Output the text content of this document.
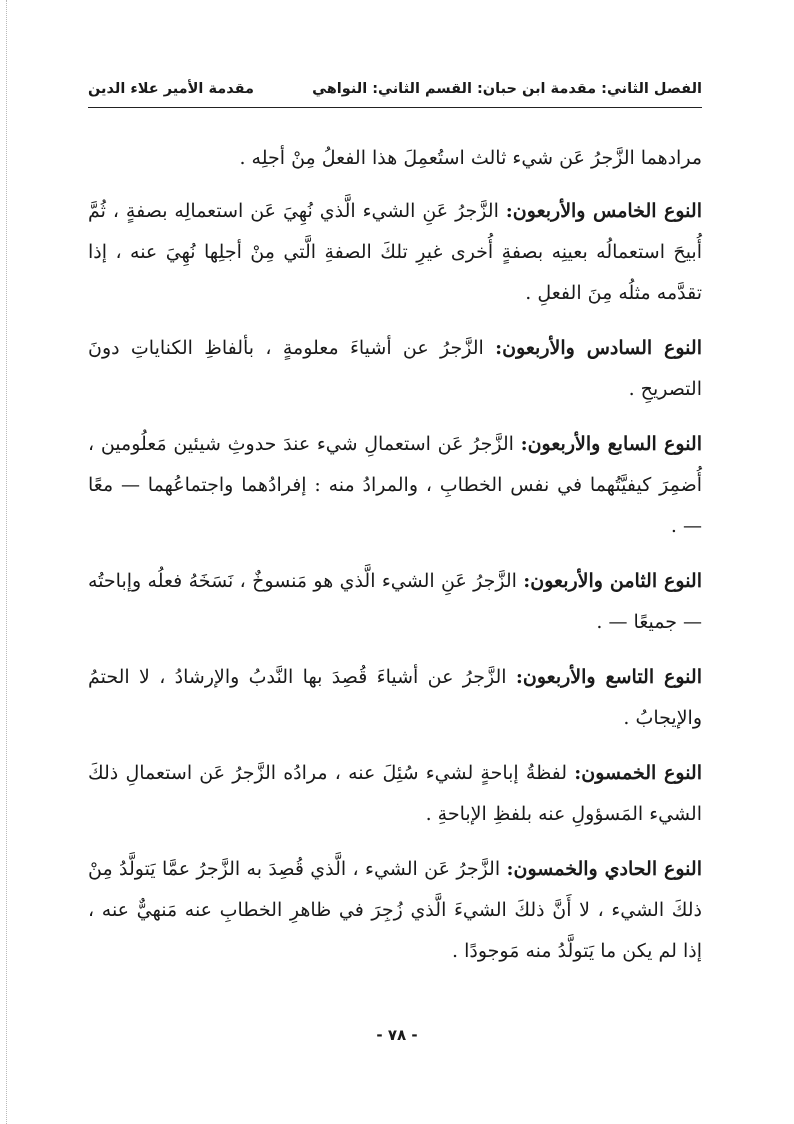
الفصل الثاني: مقدمة ابن حبان: القسم الثاني: النواهي
مقدمة الأمير علاء الدين

مرادهما الزَّجرُ عَن شيء ثالث استُعمِلَ هذا الفعلُ مِنْ أجلِه .

النوع الخامس والأربعون: الزَّجرُ عَنِ الشيء الَّذي نُهِيَ عَن استعمالِه بصفةٍ ، ثُمَّ أُبيحَ استعمالُه بعينِه بصفةٍ أُخرى غيرِ تلكَ الصفةِ الَّتي مِنْ أجلِها نُهِيَ عنه ، إذا تقدَّمه مثلُه مِنَ الفعلِ .

النوع السادس والأربعون: الزَّجرُ عن أشياءَ معلومةٍ ، بألفاظِ الكناياتِ دونَ التصريحِ .

النوع السابع والأربعون: الزَّجرُ عَن استعمالِ شيء عندَ حدوثِ شيئين مَعلُومين ، أُضمِرَ كيفيَّتُهما في نفس الخطابِ ، والمرادُ منه : إفرادُهما واجتماعُهما — معًا — .

النوع الثامن والأربعون: الزَّجرُ عَنِ الشيء الَّذي هو مَنسوخٌ ، نَسَخَهُ فعلُه وإباحتُه — جميعًا — .

النوع التاسع والأربعون: الزَّجرُ عن أشياءَ قُصِدَ بها النَّدبُ والإرشادُ ، لا الحتمُ والإيجابُ .

النوع الخمسون: لفظةُ إباحةٍ لشيء سُئِلَ عنه ، مرادُه الزَّجرُ عَن استعمالِ ذلكَ الشيء المَسؤولِ عنه بلفظِ الإباحةِ .

النوع الحادي والخمسون: الزَّجرُ عَن الشيء ، الَّذي قُصِدَ به الزَّجرُ عمَّا يَتولَّدُ مِنْ ذلكَ الشيء ، لا أَنَّ ذلكَ الشيءَ الَّذي زُجِرَ في ظاهرِ الخطابِ عنه مَنهيٌّ عنه ، إذا لم يكن ما يَتولَّدُ منه مَوجودًا .

- ٧٨ -
